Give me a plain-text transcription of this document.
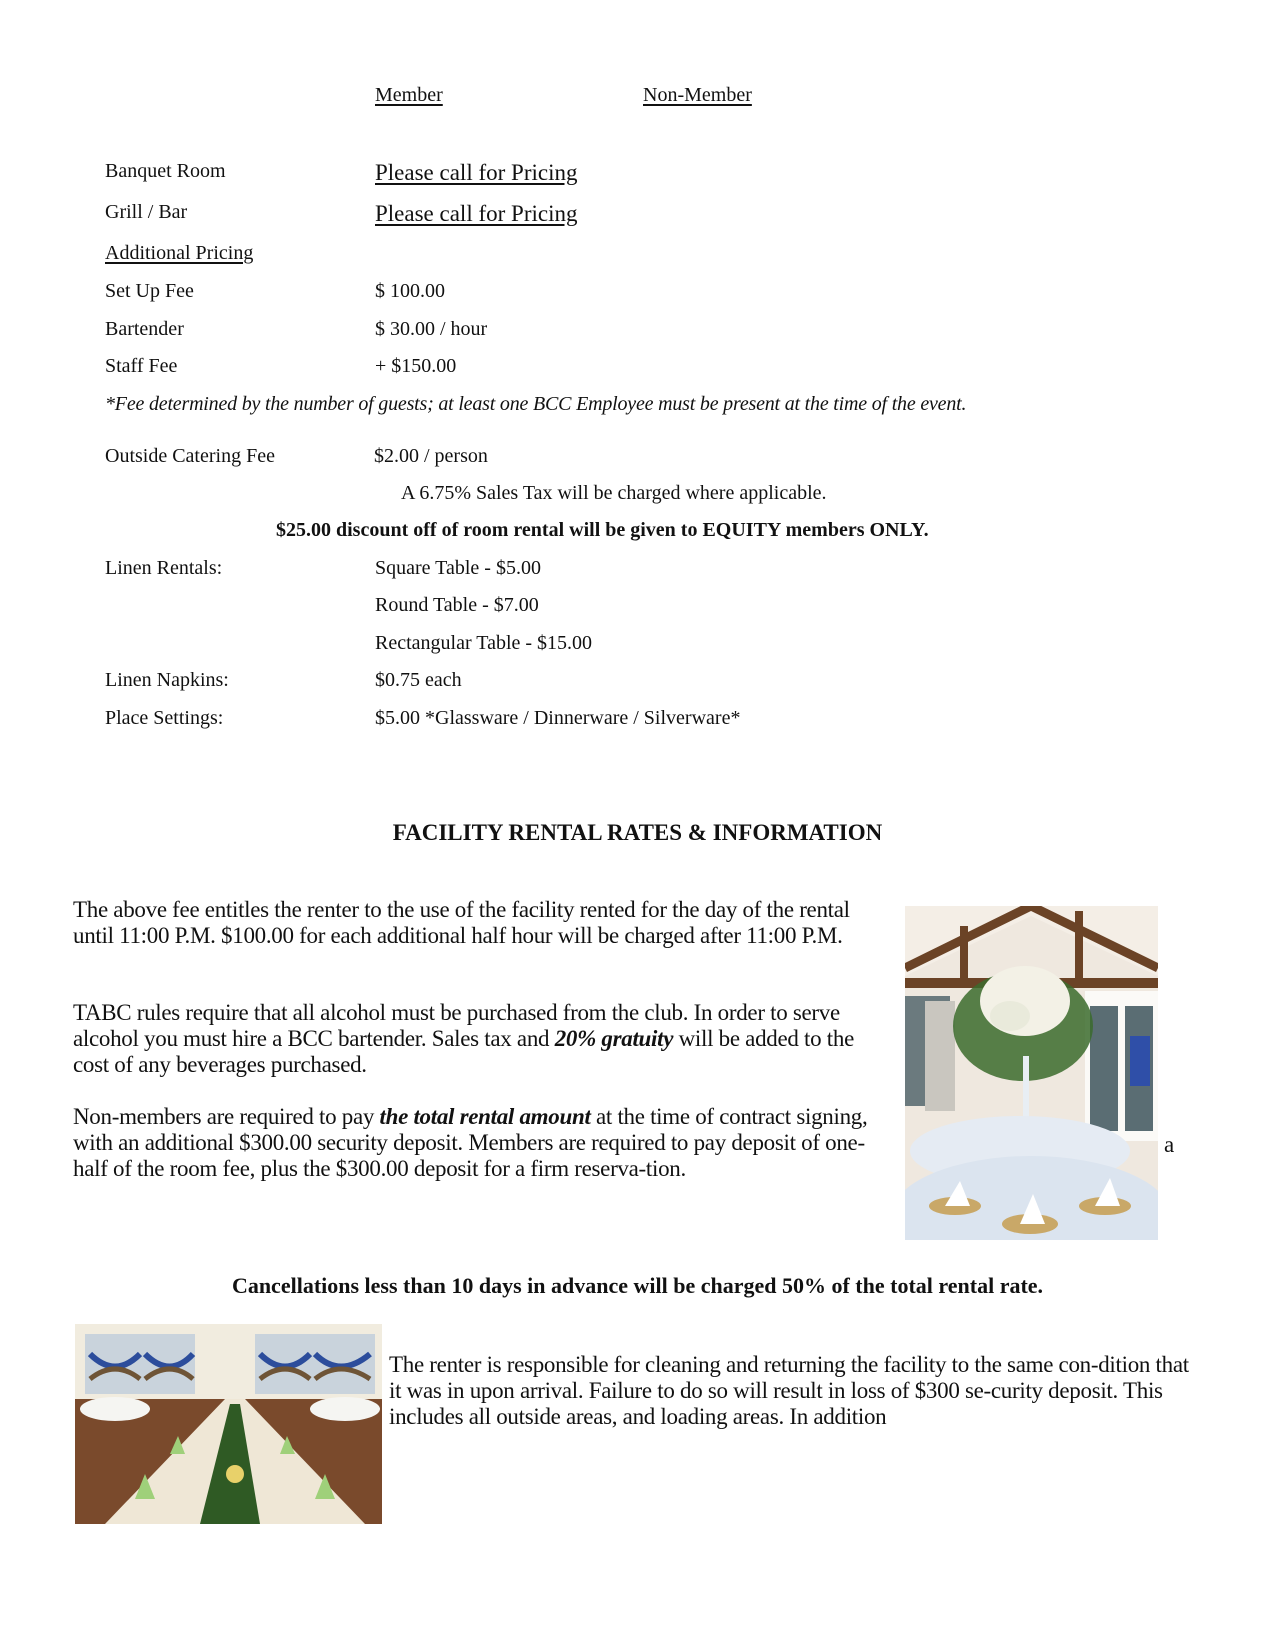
Member	Non-Member
Banquet Room	Please call for Pricing
Grill / Bar	Please call for Pricing
Additional Pricing
Set Up Fee	$ 100.00
Bartender	$ 30.00 / hour
Staff Fee	+ $150.00
*Fee determined by the number of guests; at least one BCC Employee must be present at the time of the event.
Outside Catering Fee	$2.00 / person
A 6.75% Sales Tax will be charged where applicable.
$25.00 discount off of room rental will be given to EQUITY members ONLY.
Linen Rentals:	Square Table - $5.00
Round Table - $7.00
Rectangular Table - $15.00
Linen Napkins:	$0.75 each
Place Settings:	$5.00 *Glassware / Dinnerware / Silverware*
FACILITY RENTAL RATES & INFORMATION
The above fee entitles the renter to the use of the facility rented for the day of the rental until 11:00 P.M. $100.00 for each additional half hour will be charged after 11:00 P.M.
TABC rules require that all alcohol must be purchased from the club. In order to serve alcohol you must hire a BCC bartender. Sales tax and 20% gratuity will be added to the cost of any beverages purchased.
Non-members are required to pay the total rental amount at the time of contract signing, with an additional $300.00 security deposit. Members are required to pay deposit of one-half of the room fee, plus the $300.00 deposit for a firm reserva-tion.
a
Cancellations less than 10 days in advance will be charged 50% of the total rental rate.
The renter is responsible for cleaning and returning the facility to the same con-dition that it was in upon arrival. Failure to do so will result in loss of $300 se-curity deposit. This includes all outside areas, and loading areas. In addition
